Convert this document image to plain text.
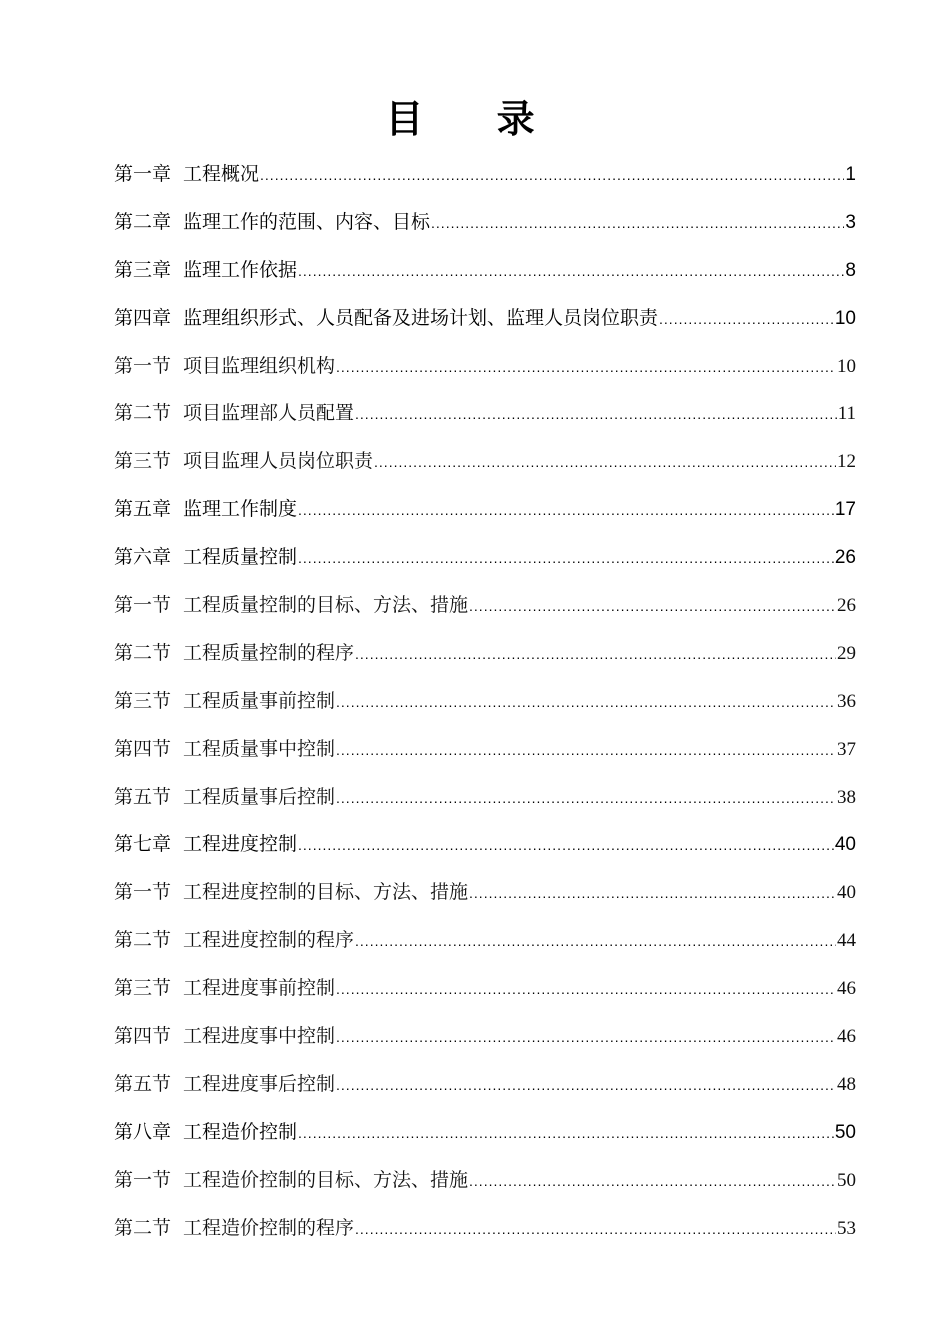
目 录
第一章 工程概况 .....	1
第二章 监理工作的范围、内容、目标 .....	3
第三章 监理工作依据 .....	8
第四章 监理组织形式、人员配备及进场计划、监理人员岗位职责 .....	10
第一节 项目监理组织机构 .....	10
第二节 项目监理部人员配置 .....	11
第三节 项目监理人员岗位职责 .....	12
第五章 监理工作制度 .....	17
第六章 工程质量控制 .....	26
第一节 工程质量控制的目标、方法、措施 .....	26
第二节 工程质量控制的程序 .....	29
第三节 工程质量事前控制 .....	36
第四节 工程质量事中控制 .....	37
第五节 工程质量事后控制 .....	38
第七章 工程进度控制 .....	40
第一节 工程进度控制的目标、方法、措施 .....	40
第二节 工程进度控制的程序 .....	44
第三节 工程进度事前控制 .....	46
第四节 工程进度事中控制 .....	46
第五节 工程进度事后控制 .....	48
第八章 工程造价控制 .....	50
第一节 工程造价控制的目标、方法、措施 .....	50
第二节 工程造价控制的程序 .....	53
